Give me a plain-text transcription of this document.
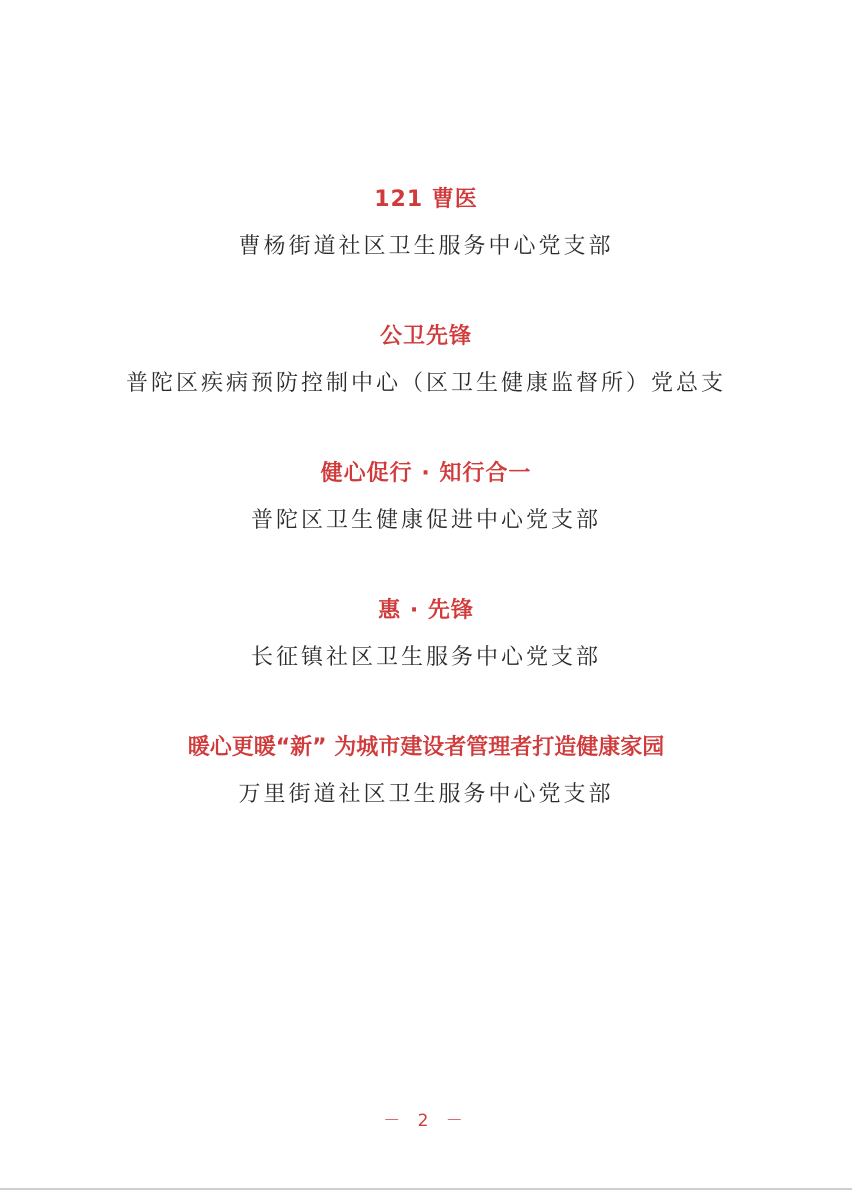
121 曹医
曹杨街道社区卫生服务中心党支部
公卫先锋
普陀区疾病预防控制中心（区卫生健康监督所）党总支
健心促行 · 知行合一
普陀区卫生健康促进中心党支部
惠 · 先锋
长征镇社区卫生服务中心党支部
暖心更暖“新” 为城市建设者管理者打造健康家园
万里街道社区卫生服务中心党支部
－ 2 －
